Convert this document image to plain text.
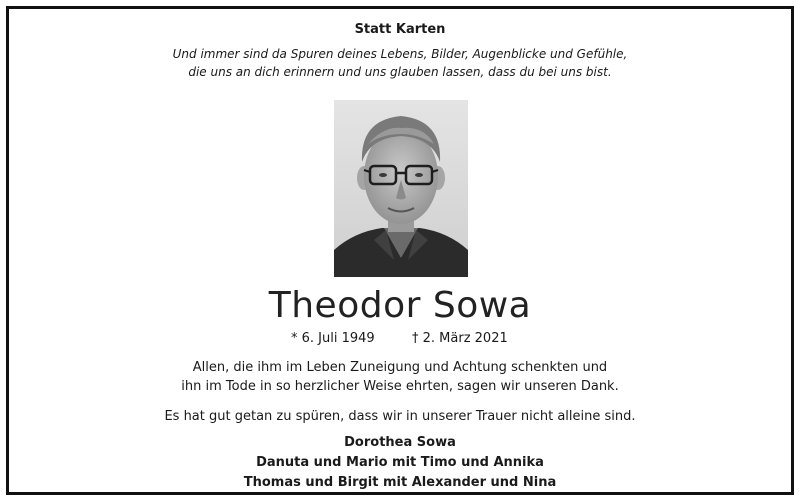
Statt Karten
Und immer sind da Spuren deines Lebens, Bilder, Augenblicke und Gefühle,
die uns an dich erinnern und uns glauben lassen, dass du bei uns bist.
Theodor Sowa
* 6. Juli 1949	† 2. März 2021
Allen, die ihm im Leben Zuneigung und Achtung schenkten und
ihn im Tode in so herzlicher Weise ehrten, sagen wir unseren Dank.
Es hat gut getan zu spüren, dass wir in unserer Trauer nicht alleine sind.
Dorothea Sowa
Danuta und Mario mit Timo und Annika
Thomas und Birgit mit Alexander und Nina
